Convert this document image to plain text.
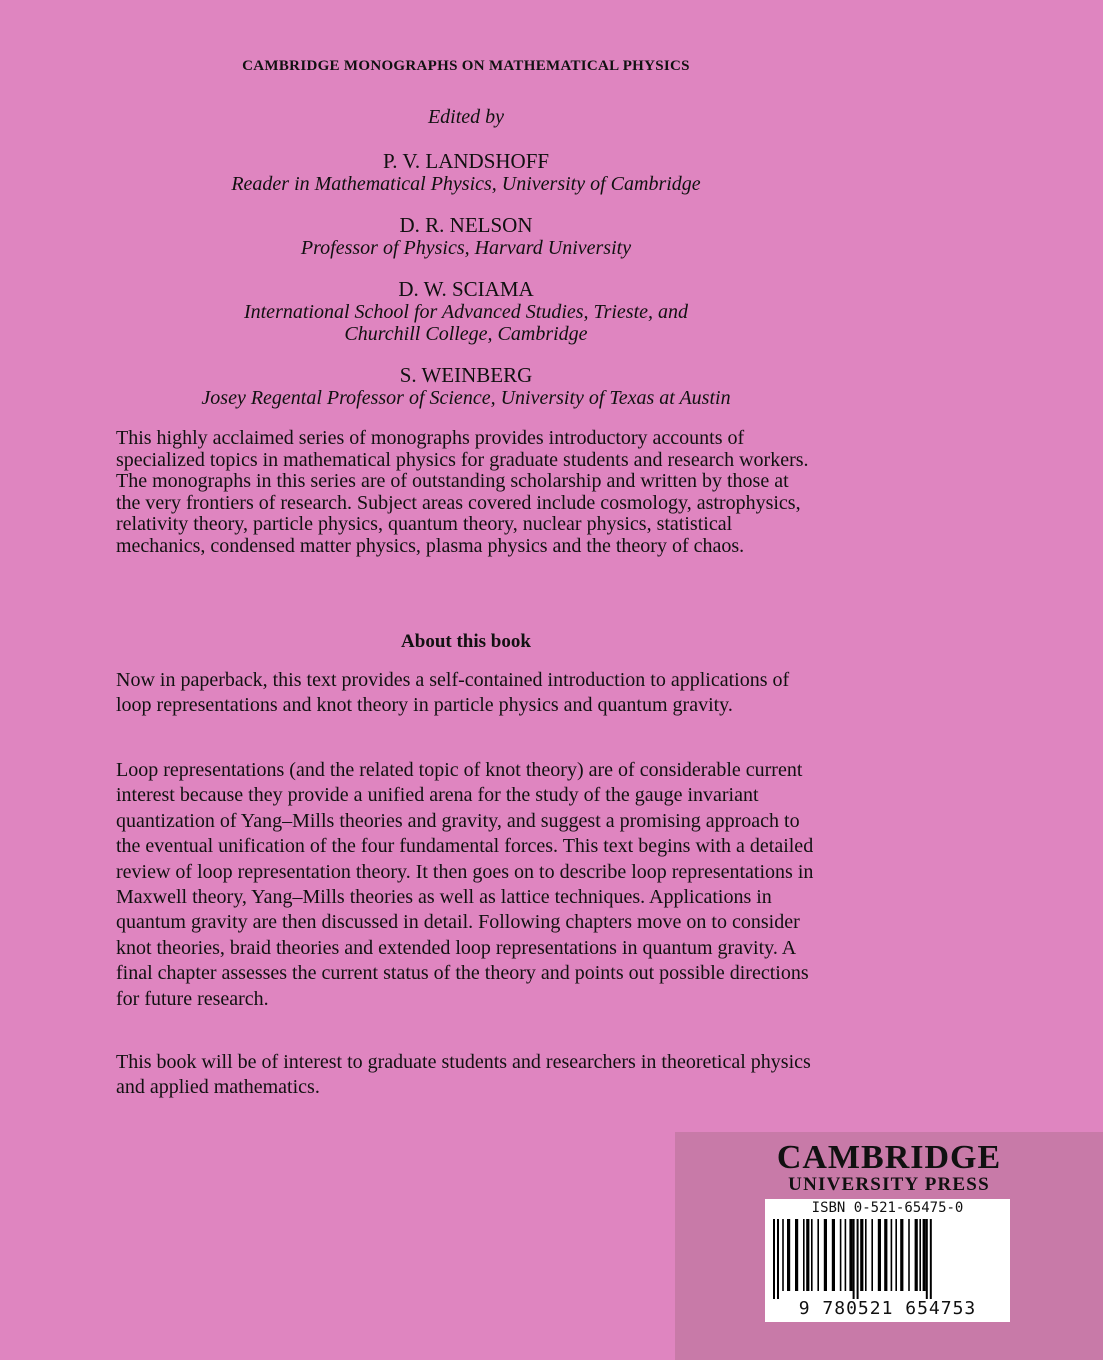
CAMBRIDGE MONOGRAPHS ON MATHEMATICAL PHYSICS
Edited by
P. V. LANDSHOFF
Reader in Mathematical Physics, University of Cambridge
D. R. NELSON
Professor of Physics, Harvard University
D. W. SCIAMA
International School for Advanced Studies, Trieste, and
Churchill College, Cambridge
S. WEINBERG
Josey Regental Professor of Science, University of Texas at Austin

This highly acclaimed series of monographs provides introductory accounts of specialized topics in mathematical physics for graduate students and research workers. The monographs in this series are of outstanding scholarship and written by those at the very frontiers of research. Subject areas covered include cosmology, astrophysics, relativity theory, particle physics, quantum theory, nuclear physics, statistical mechanics, condensed matter physics, plasma physics and the theory of chaos.

About this book

Now in paperback, this text provides a self-contained introduction to applications of loop representations and knot theory in particle physics and quantum gravity.

Loop representations (and the related topic of knot theory) are of considerable current interest because they provide a unified arena for the study of the gauge invariant quantization of Yang–Mills theories and gravity, and suggest a promising approach to the eventual unification of the four fundamental forces. This text begins with a detailed review of loop representation theory. It then goes on to describe loop representations in Maxwell theory, Yang–Mills theories as well as lattice techniques. Applications in quantum gravity are then discussed in detail. Following chapters move on to consider knot theories, braid theories and extended loop representations in quantum gravity. A final chapter assesses the current status of the theory and points out possible directions for future research.

This book will be of interest to graduate students and researchers in theoretical physics and applied mathematics.

CAMBRIDGE
UNIVERSITY PRESS
ISBN 0-521-65475-0
9 780521 654753
